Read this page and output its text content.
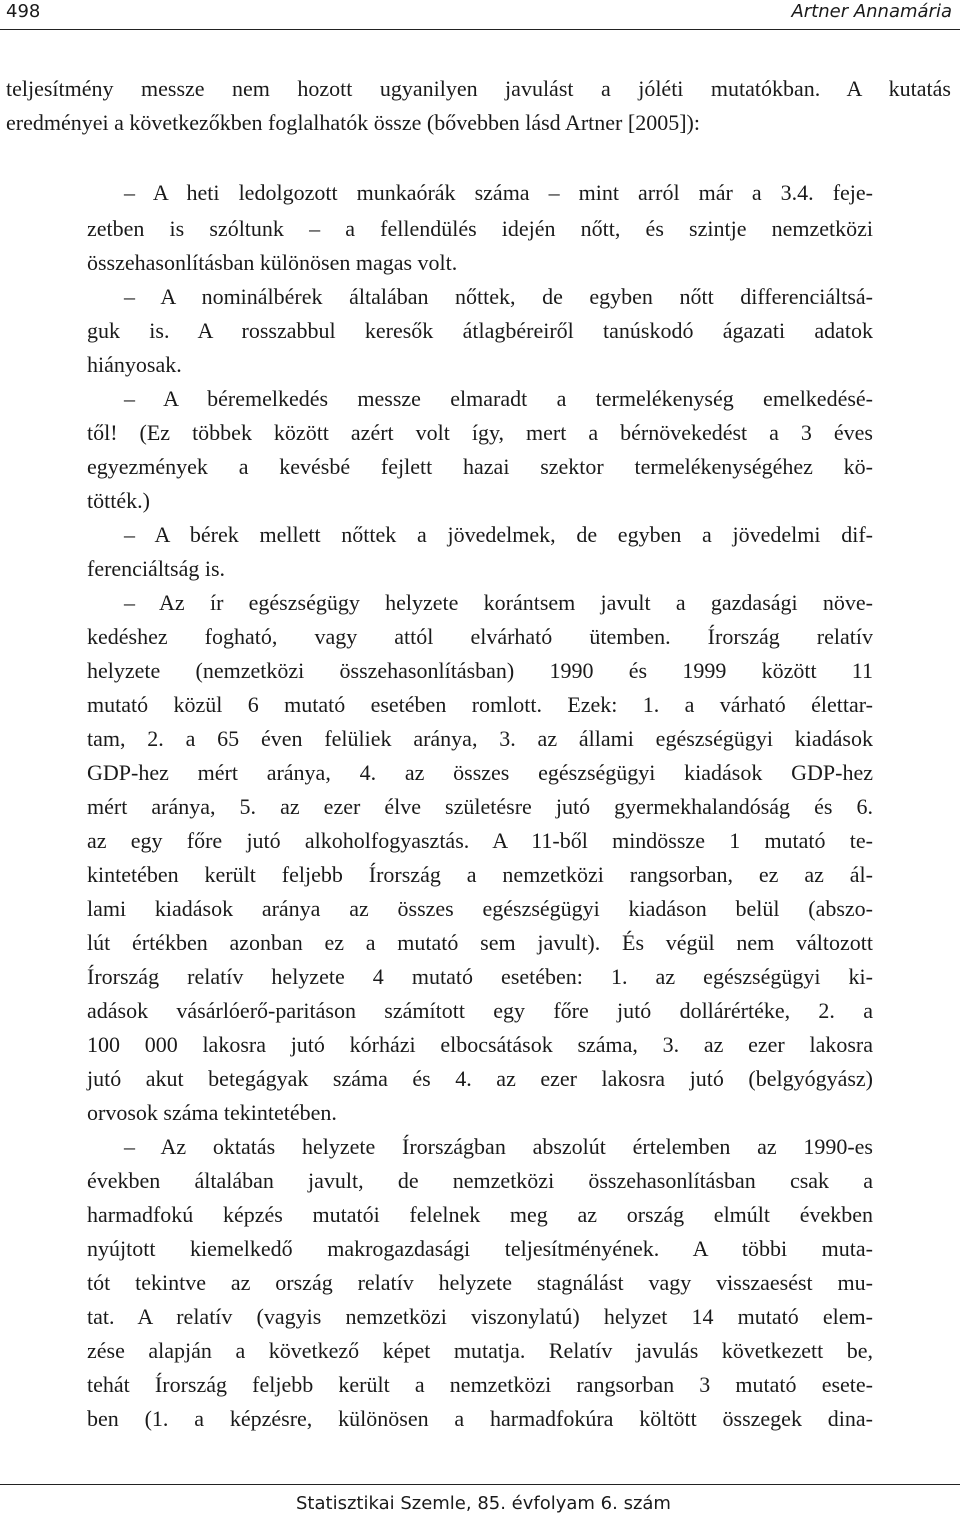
498	Artner Annamária
teljesítmény messze nem hozott ugyanilyen javulást a jóléti mutatókban. A kutatás
eredményei a következőkben foglalhatók össze (bővebben lásd Artner [2005]):
– A heti ledolgozott munkaórák száma – mint arról már a 3.4. feje-
zetben is szóltunk – a fellendülés idején nőtt, és szintje nemzetközi
összehasonlításban különösen magas volt.
– A nominálbérek általában nőttek, de egyben nőtt differenciáltsá-
guk is. A rosszabbul keresők átlagbéreiről tanúskodó ágazati adatok
hiányosak.
– A béremelkedés messze elmaradt a termelékenység emelkedésé-
től! (Ez többek között azért volt így, mert a bérnövekedést a 3 éves
egyezmények a kevésbé fejlett hazai szektor termelékenységéhez kö-
tötték.)
– A bérek mellett nőttek a jövedelmek, de egyben a jövedelmi dif-
ferenciáltság is.
– Az ír egészségügy helyzete korántsem javult a gazdasági növe-
kedéshez fogható, vagy attól elvárható ütemben. Írország relatív
helyzete (nemzetközi összehasonlításban) 1990 és 1999 között 11
mutató közül 6 mutató esetében romlott. Ezek: 1. a várható élettar-
tam, 2. a 65 éven felüliek aránya, 3. az állami egészségügyi kiadások
GDP-hez mért aránya, 4. az összes egészségügyi kiadások GDP-hez
mért aránya, 5. az ezer élve születésre jutó gyermekhalandóság és 6.
az egy főre jutó alkoholfogyasztás. A 11-ből mindössze 1 mutató te-
kintetében került feljebb Írország a nemzetközi rangsorban, ez az ál-
lami kiadások aránya az összes egészségügyi kiadáson belül (abszo-
lút értékben azonban ez a mutató sem javult). És végül nem változott
Írország relatív helyzete 4 mutató esetében: 1. az egészségügyi ki-
adások vásárlóerő-paritáson számított egy főre jutó dollárértéke, 2. a
100 000 lakosra jutó kórházi elbocsátások száma, 3. az ezer lakosra
jutó akut betegágyak száma és 4. az ezer lakosra jutó (belgyógyász)
orvosok száma tekintetében.
– Az oktatás helyzete Írországban abszolút értelemben az 1990-es
években általában javult, de nemzetközi összehasonlításban csak a
harmadfokú képzés mutatói felelnek meg az ország elmúlt években
nyújtott kiemelkedő makrogazdasági teljesítményének. A többi muta-
tót tekintve az ország relatív helyzete stagnálást vagy visszaesést mu-
tat. A relatív (vagyis nemzetközi viszonylatú) helyzet 14 mutató elem-
zése alapján a következő képet mutatja. Relatív javulás következett be,
tehát Írország feljebb került a nemzetközi rangsorban 3 mutató esete-
ben (1. a képzésre, különösen a harmadfokúra költött összegek dina-
Statisztikai Szemle, 85. évfolyam 6. szám
